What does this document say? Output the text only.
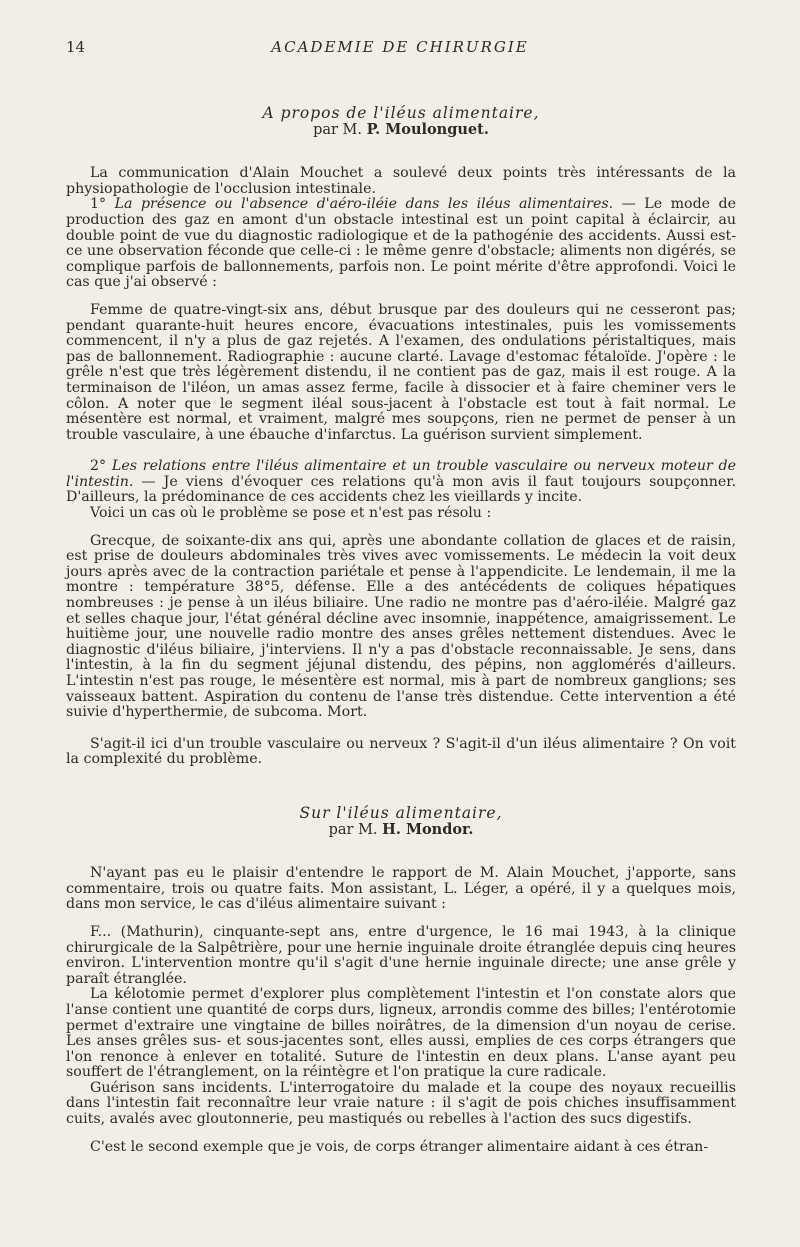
14	ACADEMIE DE CHIRURGIE

A propos de l'iléus alimentaire,

par M. P. Moulonguet.

La communication d'Alain Mouchet a soulevé deux points très intéressants de la physiopathologie de l'occlusion intestinale.

1° La présence ou l'absence d'aéro-iléie dans les iléus alimentaires. — Le mode de production des gaz en amont d'un obstacle intestinal est un point capital à éclaircir, au double point de vue du diagnostic radiologique et de la pathogénie des accidents. Aussi est-ce une observation féconde que celle-ci : le même genre d'obstacle; aliments non digérés, se complique parfois de ballonnements, parfois non. Le point mérite d'être approfondi. Voici le cas que j'ai observé :

Femme de quatre-vingt-six ans, début brusque par des douleurs qui ne cesseront pas; pendant quarante-huit heures encore, évacuations intestinales, puis les vomissements commencent, il n'y a plus de gaz rejetés. A l'examen, des ondulations péristaltiques, mais pas de ballonnement. Radiographie : aucune clarté. Lavage d'estomac fétaloïde. J'opère : le grêle n'est que très légèrement distendu, il ne contient pas de gaz, mais il est rouge. A la terminaison de l'iléon, un amas assez ferme, facile à dissocier et à faire cheminer vers le côlon. A noter que le segment iléal sous-jacent à l'obstacle est tout à fait normal. Le mésentère est normal, et vraiment, malgré mes soupçons, rien ne permet de penser à un trouble vasculaire, à une ébauche d'infarctus. La guérison survient simplement.

2° Les relations entre l'iléus alimentaire et un trouble vasculaire ou nerveux moteur de l'intestin. — Je viens d'évoquer ces relations qu'à mon avis il faut toujours soupçonner. D'ailleurs, la prédominance de ces accidents chez les vieillards y incite.

Voici un cas où le problème se pose et n'est pas résolu :

Grecque, de soixante-dix ans qui, après une abondante collation de glaces et de raisin, est prise de douleurs abdominales très vives avec vomissements. Le médecin la voit deux jours après avec de la contraction pariétale et pense à l'appendicite. Le lendemain, il me la montre : température 38°5, défense. Elle a des antécédents de coliques hépatiques nombreuses : je pense à un iléus biliaire. Une radio ne montre pas d'aéro-iléie. Malgré gaz et selles chaque jour, l'état général décline avec insomnie, inappétence, amaigrissement. Le huitième jour, une nouvelle radio montre des anses grêles nettement distendues. Avec le diagnostic d'iléus biliaire, j'interviens. Il n'y a pas d'obstacle reconnaissable. Je sens, dans l'intestin, à la fin du segment jéjunal distendu, des pépins, non agglomérés d'ailleurs. L'intestin n'est pas rouge, le mésentère est normal, mis à part de nombreux ganglions; ses vaisseaux battent. Aspiration du contenu de l'anse très distendue. Cette intervention a été suivie d'hyperthermie, de subcoma. Mort.

S'agit-il ici d'un trouble vasculaire ou nerveux ? S'agit-il d'un iléus alimentaire ? On voit la complexité du problème.

Sur l'iléus alimentaire,

par M. H. Mondor.

N'ayant pas eu le plaisir d'entendre le rapport de M. Alain Mouchet, j'apporte, sans commentaire, trois ou quatre faits. Mon assistant, L. Léger, a opéré, il y a quelques mois, dans mon service, le cas d'iléus alimentaire suivant :

F... (Mathurin), cinquante-sept ans, entre d'urgence, le 16 mai 1943, à la clinique chirurgicale de la Salpêtrière, pour une hernie inguinale droite étranglée depuis cinq heures environ. L'intervention montre qu'il s'agit d'une hernie inguinale directe; une anse grêle y paraît étranglée.

La kélotomie permet d'explorer plus complètement l'intestin et l'on constate alors que l'anse contient une quantité de corps durs, ligneux, arrondis comme des billes; l'entérotomie permet d'extraire une vingtaine de billes noirâtres, de la dimension d'un noyau de cerise. Les anses grêles sus- et sous-jacentes sont, elles aussi, emplies de ces corps étrangers que l'on renonce à enlever en totalité. Suture de l'intestin en deux plans. L'anse ayant peu souffert de l'étranglement, on la réintègre et l'on pratique la cure radicale.

Guérison sans incidents. L'interrogatoire du malade et la coupe des noyaux recueillis dans l'intestin fait reconnaître leur vraie nature : il s'agit de pois chiches insuffisamment cuits, avalés avec gloutonnerie, peu mastiqués ou rebelles à l'action des sucs digestifs.

C'est le second exemple que je vois, de corps étranger alimentaire aidant à ces étran-
